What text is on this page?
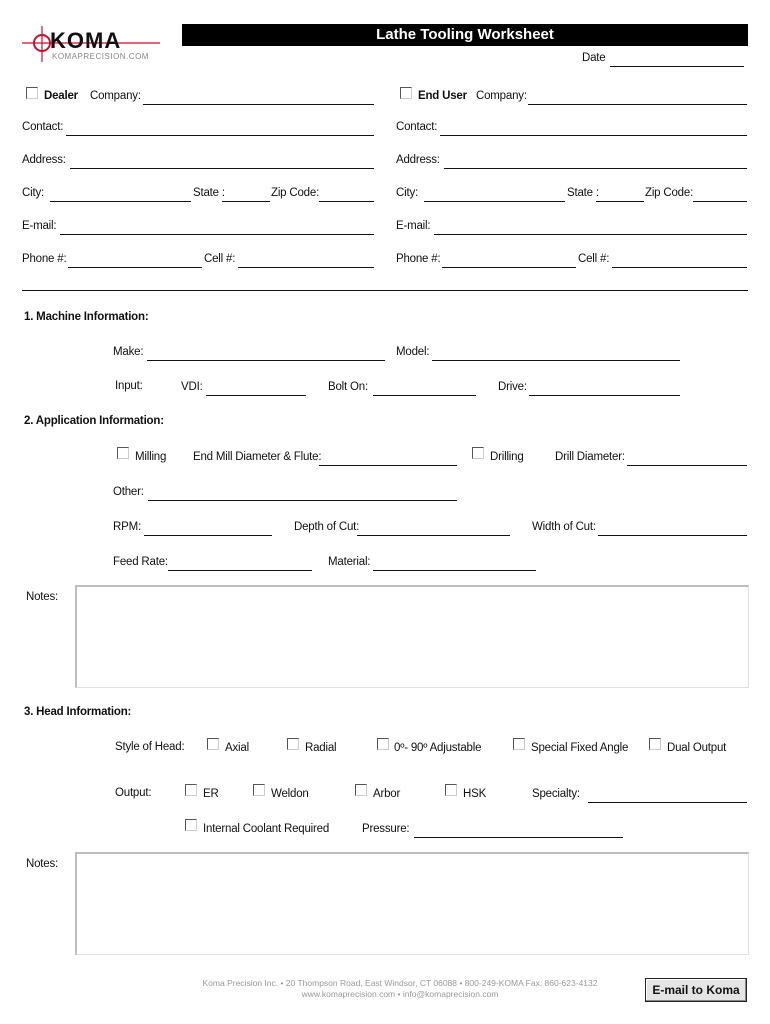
KOMA
KOMAPRECISION.COM
Lathe Tooling Worksheet
Date
Dealer Company:
Contact:
Address:
City:	State :	Zip Code:
E-mail:
Phone #:	Cell #:
End User Company:
Contact:
Address:
City:	State :	Zip Code:
E-mail:
Phone #:	Cell #:
1. Machine Information:
Make:	Model:
Input:	VDI:	Bolt On:	Drive:
2. Application Information:
Milling End Mill Diameter & Flute:	Drilling	Drill Diameter:
Other:
RPM:	Depth of Cut:	Width of Cut:
Feed Rate:	Material:
Notes:
3. Head Information:
Style of Head:	Axial	Radial	0º- 90º Adjustable	Special Fixed Angle	Dual Output
Output:	ER	Weldon	Arbor	HSK	Specialty:
Internal Coolant Required	Pressure:
Notes:
Koma Precision Inc. • 20 Thompson Road, East Windsor, CT 06088 • 800-249-KOMA Fax: 860-623-4132
www.komaprecision.com • info@komaprecision.com	E-mail to Koma
